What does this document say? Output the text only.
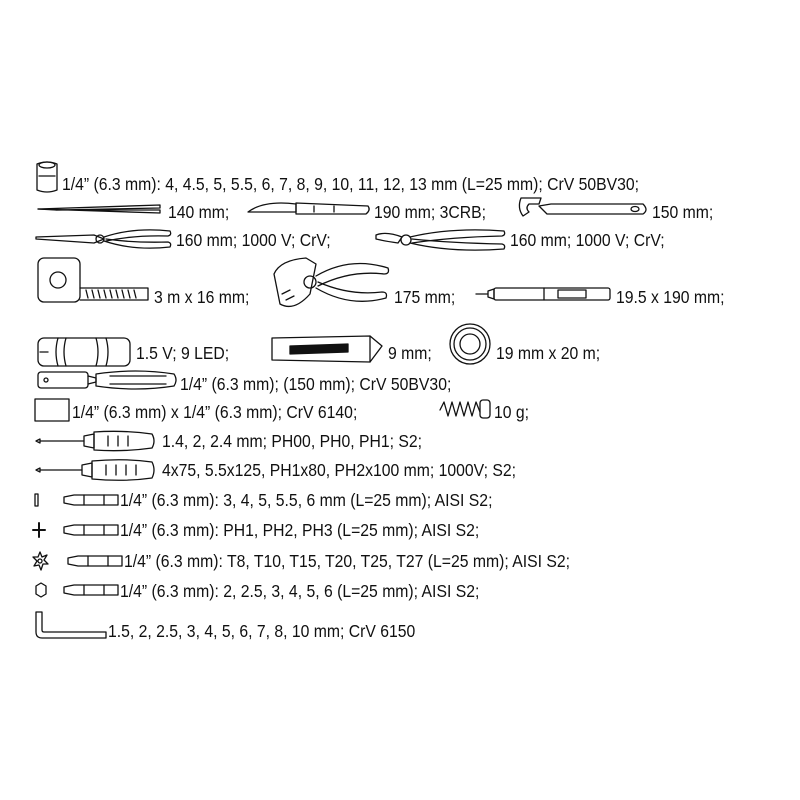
1/4” (6.3 mm): 4, 4.5, 5, 5.5, 6, 7, 8, 9, 10, 11, 12, 13 mm (L=25 mm); CrV 50BV30;
140 mm;	190 mm; 3CRB;	150 mm;
160 mm; 1000 V; CrV;	160 mm; 1000 V; CrV;
3 m x 16 mm;	175 mm;	19.5 x 190 mm;
1.5 V; 9 LED;	9 mm;	19 mm x 20 m;
1/4” (6.3 mm); (150 mm); CrV 50BV30;
1/4” (6.3 mm) x 1/4” (6.3 mm); CrV 6140;	10 g;
1.4, 2, 2.4 mm; PH00, PH0, PH1; S2;
4x75, 5.5x125, PH1x80, PH2x100 mm; 1000V; S2;
1/4” (6.3 mm): 3, 4, 5, 5.5, 6 mm (L=25 mm); AISI S2;
1/4” (6.3 mm): PH1, PH2, PH3 (L=25 mm); AISI S2;
1/4” (6.3 mm): T8, T10, T15, T20, T25, T27 (L=25 mm); AISI S2;
1/4” (6.3 mm): 2, 2.5, 3, 4, 5, 6 (L=25 mm); AISI S2;
1.5, 2, 2.5, 3, 4, 5, 6, 7, 8, 10 mm; CrV 6150
